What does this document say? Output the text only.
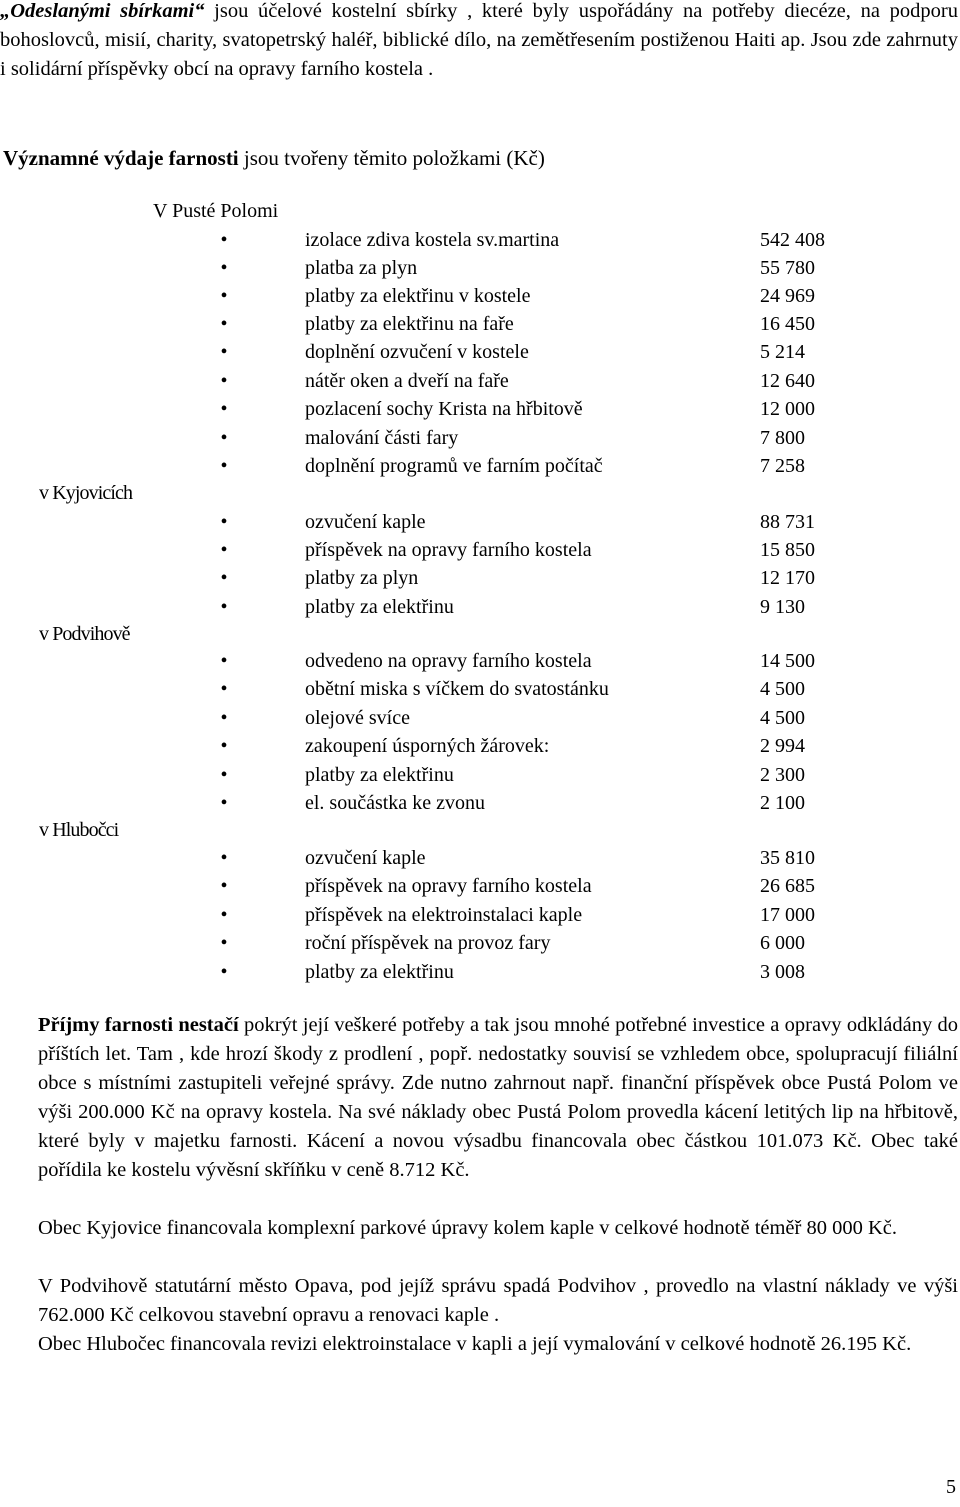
„Odeslanými sbírkami“ jsou účelové kostelní sbírky , které byly uspořádány na potřeby diecéze, na podporu bohoslovců, misií, charity, svatopetrský haléř, biblické dílo, na zemětřesením postiženou Haiti ap. Jsou zde zahrnuty i solidární příspěvky obcí na opravy farního kostela .
Významné výdaje farnosti jsou tvořeny těmito položkami (Kč)
V Pusté Polomi
•	izolace zdiva kostela sv.martina	542 408
•	platba za plyn	55 780
•	platby za elektřinu v kostele	24 969
•	platby za elektřinu na faře	16 450
•	doplnění ozvučení v kostele	5 214
•	nátěr oken a dveří na faře	12 640
•	pozlacení sochy Krista na hřbitově	12 000
•	malování části fary	7 800
•	doplnění programů ve farním počítač	7 258
v Kyjovicích
•	ozvučení kaple	88 731
•	příspěvek na opravy farního kostela	15 850
•	platby za plyn	12 170
•	platby za elektřinu	9 130
v Podvihově
•	odvedeno na opravy farního kostela	14 500
•	obětní miska s víčkem do svatostánku	4 500
•	olejové svíce	4 500
•	zakoupení úsporných žárovek:	2 994
•	platby za elektřinu	2 300
•	el. součástka ke zvonu	2 100
v Hlubočci
•	ozvučení kaple	35 810
•	příspěvek na opravy farního kostela	26 685
•	příspěvek na elektroinstalaci kaple	17 000
•	roční příspěvek na provoz fary	6 000
•	platby za elektřinu	3 008
Příjmy farnosti nestačí pokrýt její veškeré potřeby a tak jsou mnohé potřebné investice a opravy odkládány do příštích let. Tam , kde hrozí škody z prodlení , popř. nedostatky souvisí se vzhledem obce, spolupracují filiální obce s místními zastupiteli veřejné správy. Zde nutno zahrnout např. finanční příspěvek obce Pustá Polom ve výši 200.000 Kč na opravy kostela. Na své náklady obec Pustá Polom provedla kácení letitých lip na hřbitově, které byly v majetku farnosti. Kácení a novou výsadbu financovala obec částkou 101.073 Kč. Obec také pořídila ke kostelu vývěsní skříňku v ceně 8.712 Kč.
Obec Kyjovice financovala komplexní parkové úpravy kolem kaple v celkové hodnotě téměř 80 000 Kč.
V Podvihově statutární město Opava, pod jejíž správu spadá Podvihov , provedlo na vlastní náklady ve výši 762.000 Kč celkovou stavební opravu a renovaci kaple .
Obec Hlubočec financovala revizi elektroinstalace v kapli a její vymalování v celkové hodnotě 26.195 Kč.
5
